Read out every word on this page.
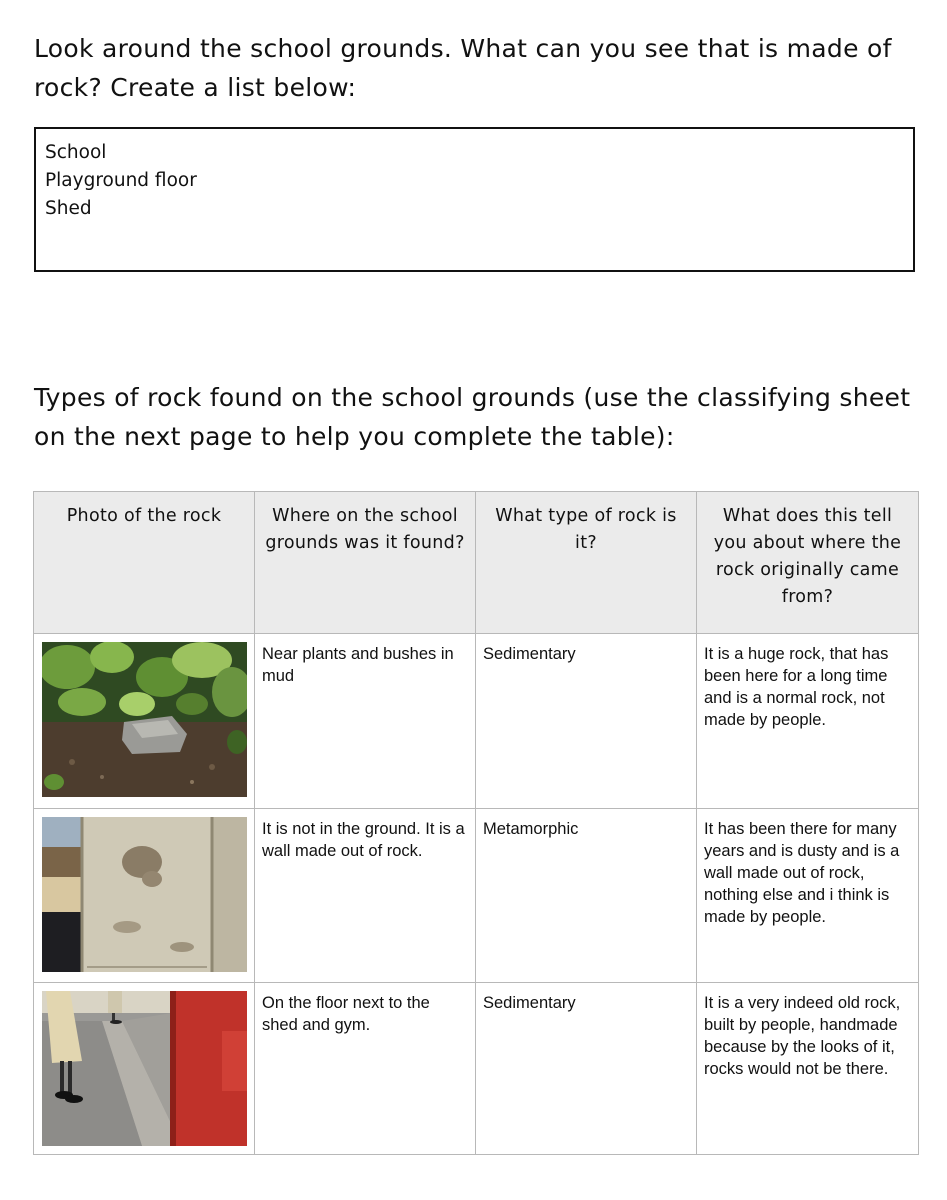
Look around the school grounds. What can you see that is made of rock? Create a list below:

School
Playground floor
Shed

Types of rock found on the school grounds (use the classifying sheet on the next page to help you complete the table):

Photo of the rock	Where on the school grounds was it found?	What type of rock is it?	What does this tell you about where the rock originally came from?

	Near plants and bushes in mud	Sedimentary	It is a huge rock, that has been here for a long time and is a normal rock, not made by people.

	It is not in the ground. It is a wall made out of rock.	Metamorphic	It has been there for many years and is dusty and is a wall made out of rock, nothing else and i think is made by people.

	On the floor next to the shed and gym.	Sedimentary	It is a very indeed old rock, built by people, handmade because by the looks of it, rocks would not be there.
